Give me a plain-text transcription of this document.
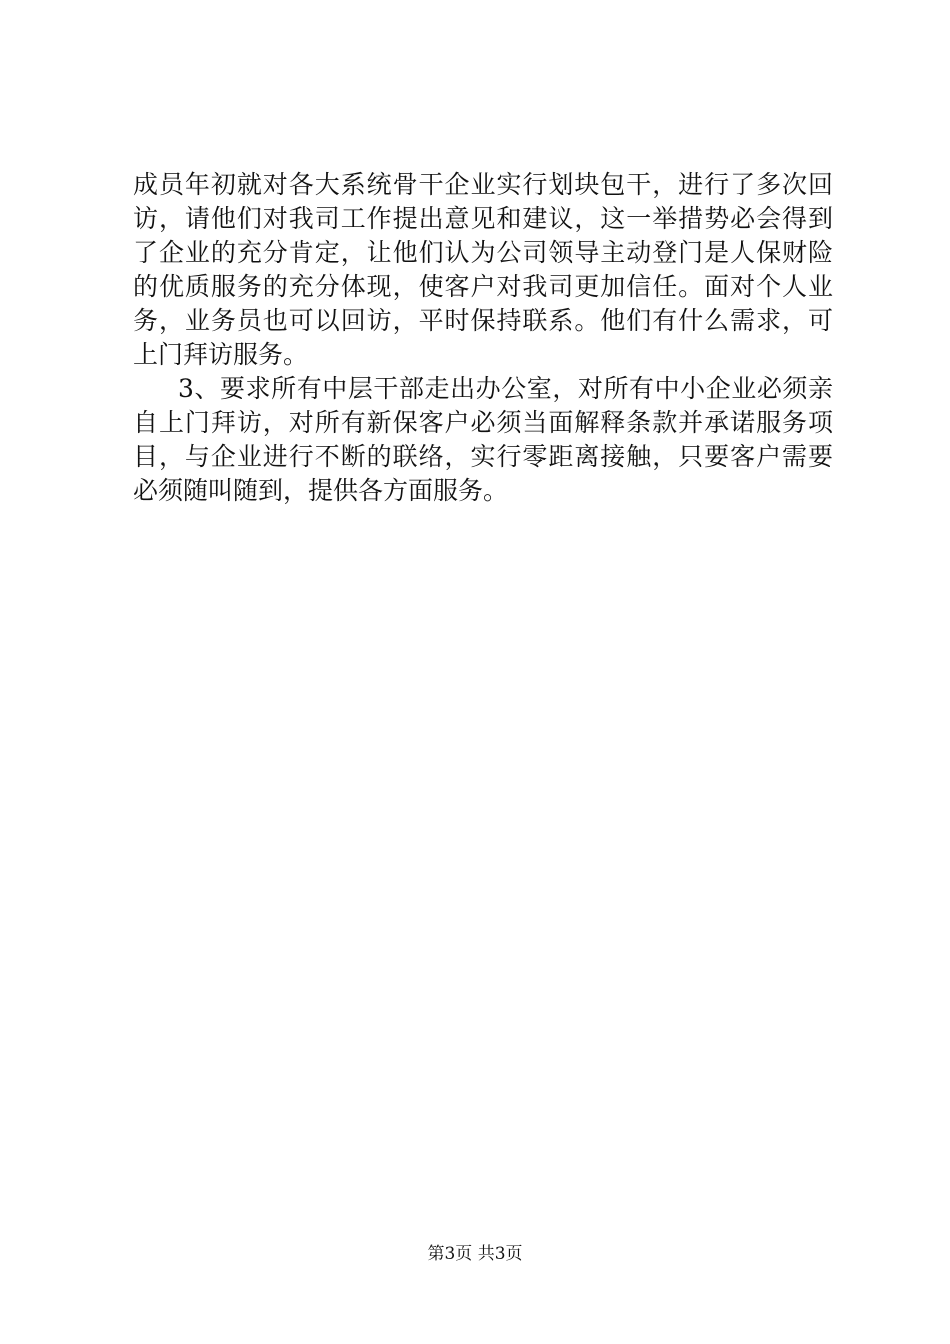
成员年初就对各大系统骨干企业实行划块包干，进行了多次回
访，请他们对我司工作提出意见和建议，这一举措势必会得到
了企业的充分肯定，让他们认为公司领导主动登门是人保财险
的优质服务的充分体现，使客户对我司更加信任。面对个人业
务，业务员也可以回访，平时保持联系。他们有什么需求，可
上门拜访服务。
3、要求所有中层干部走出办公室，对所有中小企业必须亲
自上门拜访，对所有新保客户必须当面解释条款并承诺服务项
目，与企业进行不断的联络，实行零距离接触，只要客户需要
必须随叫随到，提供各方面服务。
第3页 共3页
